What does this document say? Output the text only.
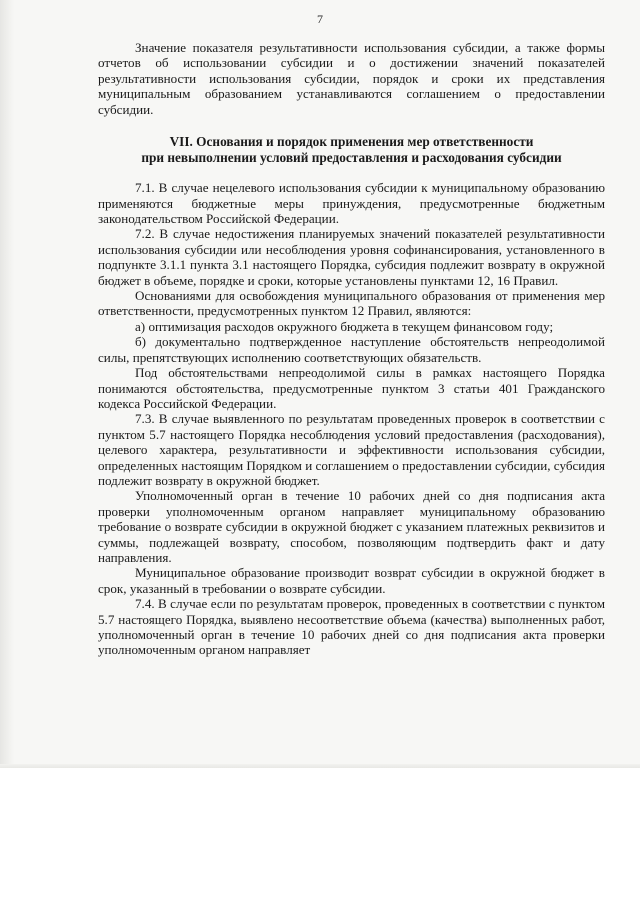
7

Значение показателя результативности использования субсидии, а также формы отчетов об использовании субсидии и о достижении значений показателей результативности использования субсидии, порядок и сроки их представления муниципальным образованием устанавливаются соглашением о предоставлении субсидии.

VII. Основания и порядок применения мер ответственности
при невыполнении условий предоставления и расходования субсидии

7.1. В случае нецелевого использования субсидии к муниципальному образованию применяются бюджетные меры принуждения, предусмотренные бюджетным законодательством Российской Федерации.

7.2. В случае недостижения планируемых значений показателей результативности использования субсидии или несоблюдения уровня софинансирования, установленного в подпункте 3.1.1 пункта 3.1 настоящего Порядка, субсидия подлежит возврату в окружной бюджет в объеме, порядке и сроки, которые установлены пунктами 12, 16 Правил.

Основаниями для освобождения муниципального образования от применения мер ответственности, предусмотренных пунктом 12 Правил, являются:

а) оптимизация расходов окружного бюджета в текущем финансовом году;

б) документально подтвержденное наступление обстоятельств непреодолимой силы, препятствующих исполнению соответствующих обязательств.

Под обстоятельствами непреодолимой силы в рамках настоящего Порядка понимаются обстоятельства, предусмотренные пунктом 3 статьи 401 Гражданского кодекса Российской Федерации.

7.3. В случае выявленного по результатам проведенных проверок в соответствии с пунктом 5.7 настоящего Порядка несоблюдения условий предоставления (расходования), целевого характера, результативности и эффективности использования субсидии, определенных настоящим Порядком и соглашением о предоставлении субсидии, субсидия подлежит возврату в окружной бюджет.

Уполномоченный орган в течение 10 рабочих дней со дня подписания акта проверки уполномоченным органом направляет муниципальному образованию требование о возврате субсидии в окружной бюджет с указанием платежных реквизитов и суммы, подлежащей возврату, способом, позволяющим подтвердить факт и дату направления.

Муниципальное образование производит возврат субсидии в окружной бюджет в срок, указанный в требовании о возврате субсидии.

7.4. В случае если по результатам проверок, проведенных в соответствии с пунктом 5.7 настоящего Порядка, выявлено несоответствие объема (качества) выполненных работ, уполномоченный орган в течение 10 рабочих дней со дня подписания акта проверки уполномоченным органом направляет
